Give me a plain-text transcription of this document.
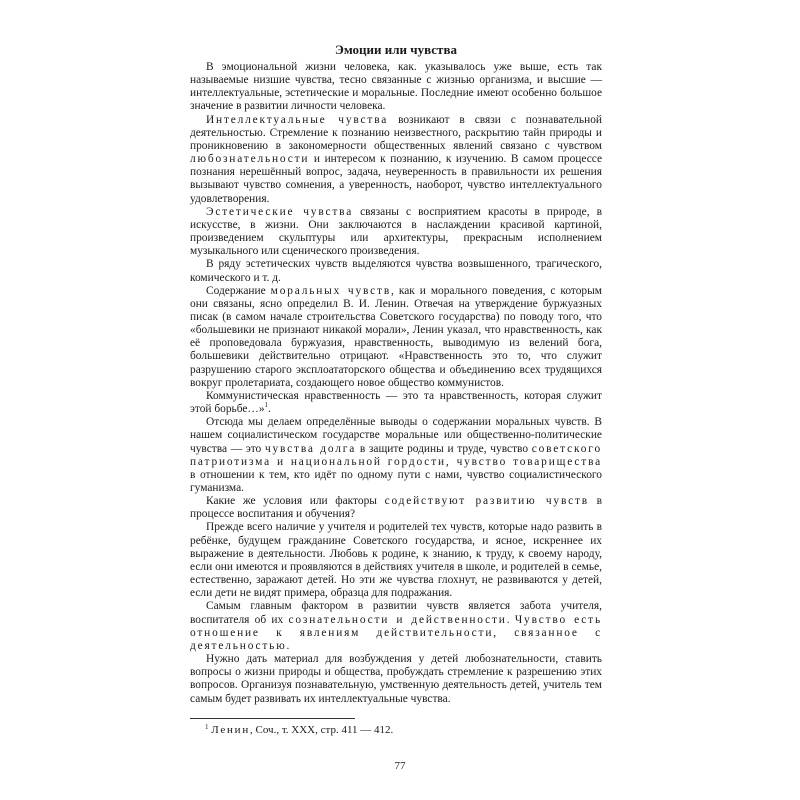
Эмоции или чувства

В эмоциональной жизни человека, как. указывалось уже выше, есть так называемые низшие чувства, тесно связанные с жизнью организма, и высшие — интеллектуальные, эстетические и моральные. Последние имеют особенно большое значение в развитии личности человека.

Интеллектуальные чувства возникают в связи с познавательной деятельностью. Стремление к познанию неизвестного, раскрытию тайн природы и проникновению в закономерности общественных явлений связано с чувством любознательности и интересом к познанию, к изучению. В самом процессе познания нерешённый вопрос, задача, неуверенность в правильности их решения вызывают чувство сомнения, а уверенность, наоборот, чувство интеллектуального удовлетворения.

Эстетические чувства связаны с восприятием красоты в природе, в искусстве, в жизни. Они заключаются в наслаждении красивой картиной, произведением скульптуры или архитектуры, прекрасным исполнением музыкального или сценического произведения.

В ряду эстетических чувств выделяются чувства возвышенного, трагического, комического и т. д.

Содержание моральных чувств, как и морального поведения, с которым они связаны, ясно определил В. И. Ленин. Отвечая на утверждение буржуазных писак (в самом начале строительства Советского государства) по поводу того, что «большевики не признают никакой морали», Ленин указал, что нравственность, как её проповедовала буржуазия, нравственность, выводимую из велений бога, большевики действительно отрицают. «Нравственность это то, что служит разрушению старого эксплоататорского общества и объединению всех трудящихся вокруг пролетариата, создающего новое общество коммунистов.

Коммунистическая нравственность — это та нравственность, которая служит этой борьбе…»$^1$.

Отсюда мы делаем определённые выводы о содержании моральных чувств. В нашем социалистическом государстве моральные или общественно-политические чувства — это чувства долга в защите родины и труде, чувство советского патриотизма и национальной гордости, чувство товарищества в отношении к тем, кто идёт по одному пути с нами, чувство социалистического гуманизма.

Какие же условия или факторы содействуют развитию чувств в процессе воспитания и обучения?

Прежде всего наличие у учителя и родителей тех чувств, которые надо развить в ребёнке, будущем гражданине Советского государства, и ясное, искреннее их выражение в деятельности. Любовь к родине, к знанию, к труду, к своему народу, если они имеются и проявляются в действиях учителя в школе, и родителей в семье, естественно, заражают детей. Но эти же чувства глохнут, не развиваются у детей, если дети не видят примера, образца для подражания.

Самым главным фактором в развитии чувств является забота учителя, воспитателя об их сознательности и действенности. Чувство есть отношение к явлениям действительности, связанное с деятельностью.

Нужно дать материал для возбуждения у детей любознательности, ставить вопросы о жизни природы и общества, пробуждать стремление к разрешению этих вопросов. Организуя познавательную, умственную деятельность детей, учитель тем самым будет развивать их интеллектуальные чувства.

$^1$ Ленин, Соч., т. XXX, стр. 411 — 412.
77
